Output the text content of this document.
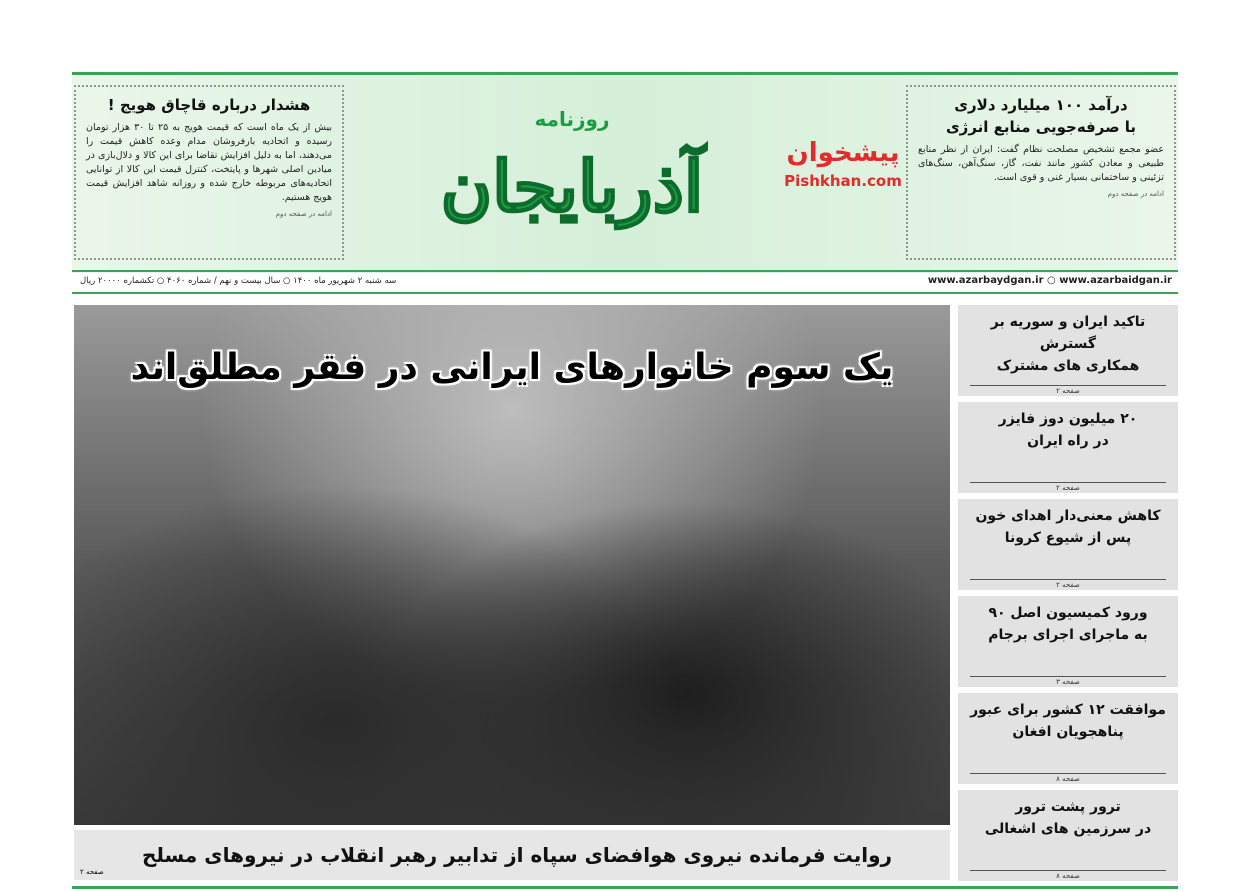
هشدار درباره قاچاق هویج !

بیش از یک ماه است که قیمت هویج به ۲۵ تا ۳۰ هزار تومان رسیده و اتحادیه بارفروشان مدام وعده کاهش قیمت را می‌دهند، اما به دلیل افزایش تقاضا برای این کالا و دلال‌بازی در میادین اصلی شهرها و پایتخت، کنترل قیمت این کالا از توانایی اتحادیه‌های مربوطه خارج شده و روزانه شاهد افزایش قیمت هویج هستیم.

ادامه در صفحه دوم
روزنامه
آذربایجان	پیشخوان
Pishkhan.com
درآمد ۱۰۰ میلیارد دلاری
با صرفه‌جویی منابع انرژی

عضو مجمع تشخیص مصلحت نظام گفت: ایران از نظر منابع طبیعی و معادن کشور مانند نفت، گاز، سنگ‌آهن، سنگ‌های تزئینی و ساختمانی بسیار غنی و قوی است.

ادامه در صفحه دوم
سه شنبه ۲ شهریور ماه ۱۴۰۰ ○ سال بیست و نهم / شماره ۴۰۶۰ ○ تکشماره ۲۰۰۰۰ ریال	www.azarbaydgan.ir ○ www.azarbaidgan.ir
یک سوم خانوارهای ایرانی در فقر مطلق‌اند
روایت فرمانده نیروی هوافضای سپاه از تدابیر رهبر انقلاب در نیروهای مسلح
صفحه ۲
تاکید ایران و سوریه بر گسترش
همکاری های مشترک
صفحه ۲
۲۰ میلیون دوز فایزر
در راه ایران
صفحه ۲
کاهش معنی‌دار اهدای خون
پس از شیوع کرونا
صفحه ۲
ورود کمیسیون اصل ۹۰
به ماجرای اجرای برجام
صفحه ۳
موافقت ۱۲ کشور برای عبور
پناهجویان افغان
صفحه ۸
ترور پشت ترور
در سرزمین های اشغالی
صفحه ۸
